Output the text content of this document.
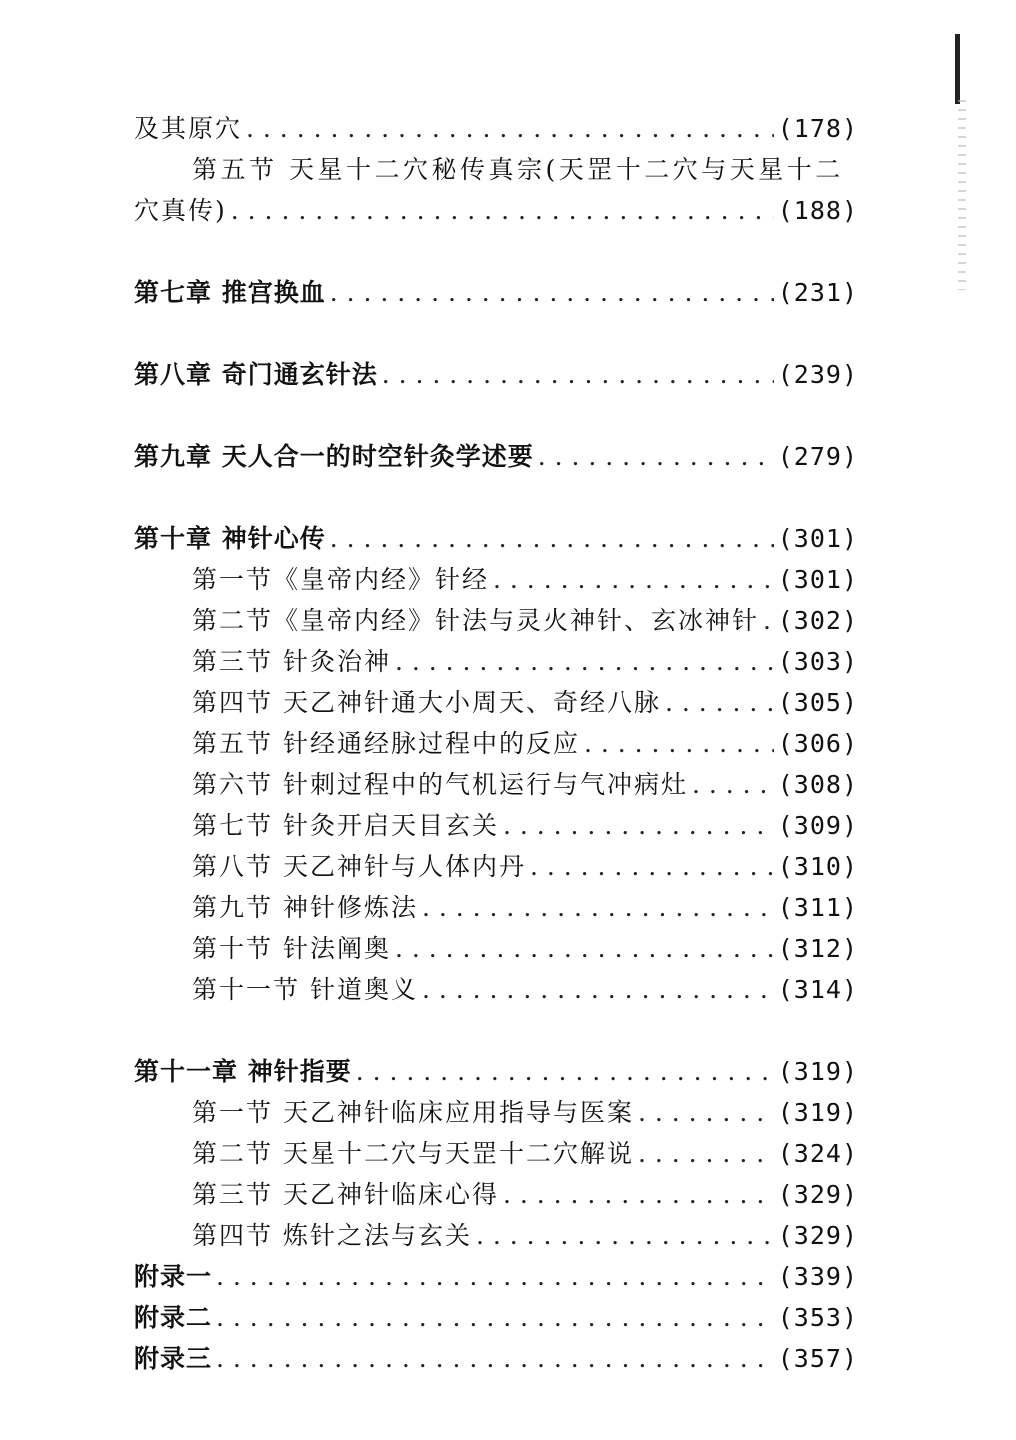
及其原穴 . . .	(178)
第五节 天星十二穴秘传真宗(天罡十二穴与天星十二
穴真传) . . .	(188)
第七章 推宫换血 . . .	(231)
第八章 奇门通玄针法 . . .	(239)
第九章 天人合一的时空针灸学述要 . . .	(279)
第十章 神针心传 . . .	(301)
第一节《皇帝内经》针经 . . .	(301)
第二节《皇帝内经》针法与灵火神针、玄冰神针 . . . (302)
第三节 针灸治神 . . .	(303)
第四节 天乙神针通大小周天、奇经八脉 . . .	(305)
第五节 针经通经脉过程中的反应 . . .	(306)
第六节 针刺过程中的气机运行与气冲病灶 . . .	(308)
第七节 针灸开启天目玄关 . . .	(309)
第八节 天乙神针与人体内丹 . . .	(310)
第九节 神针修炼法 . . .	(311)
第十节 针法阐奥 . . .	(312)
第十一节 针道奥义 . . .	(314)
第十一章 神针指要 . . .	(319)
第一节 天乙神针临床应用指导与医案 . . .	(319)
第二节 天星十二穴与天罡十二穴解说 . . .	(324)
第三节 天乙神针临床心得 . . .	(329)
第四节 炼针之法与玄关 . . .	(329)
附录一 . . .	(339)
附录二 . . .	(353)
附录三 . . .	(357)
